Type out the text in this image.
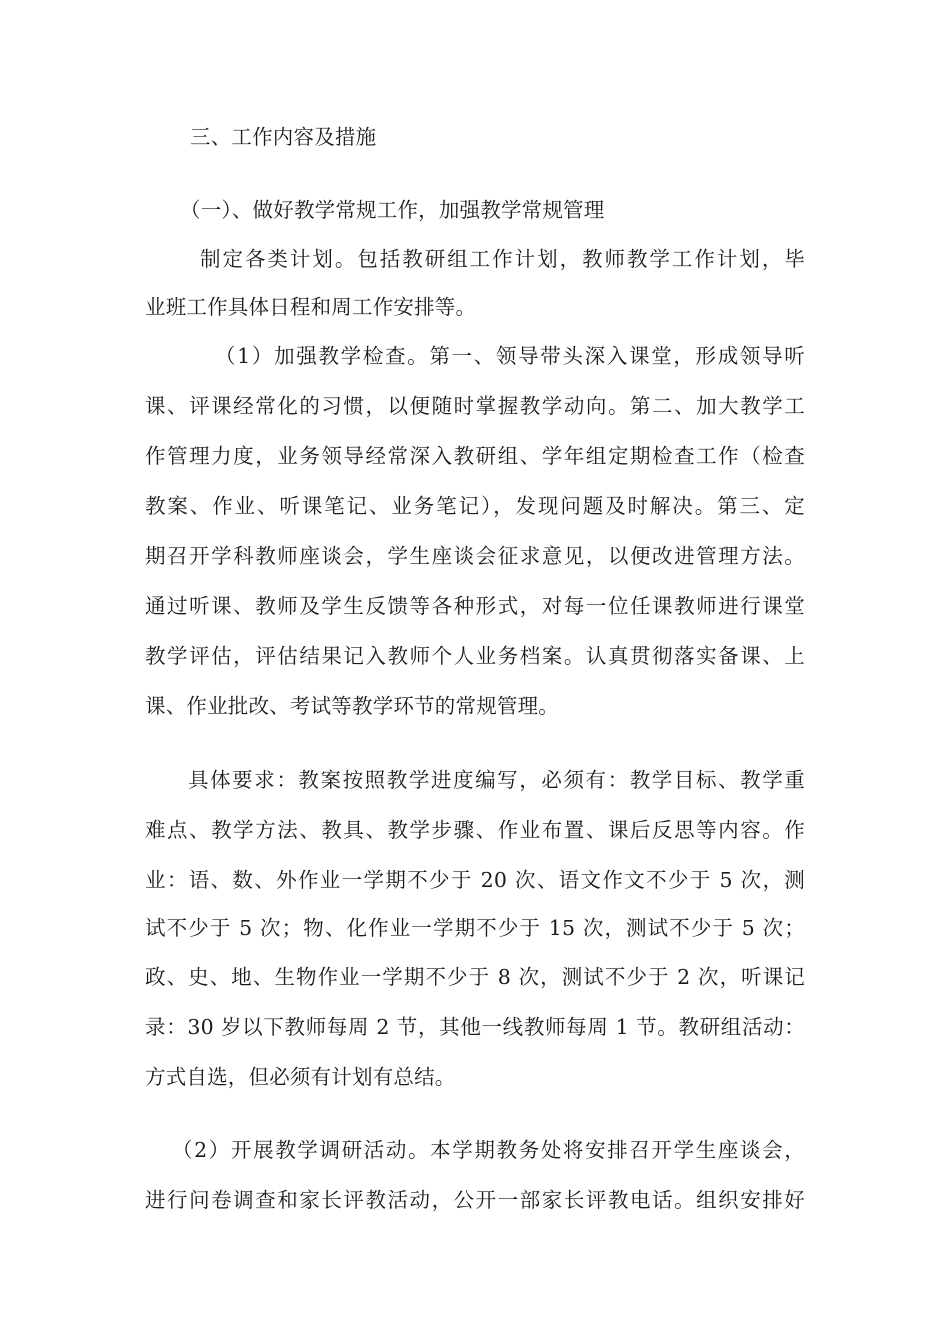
三、工作内容及措施
（一）、做好教学常规工作，加强教学常规管理
制定各类计划。包括教研组工作计划，教师教学工作计划，毕
业班工作具体日程和周工作安排等。
（1）加强教学检查。第一、领导带头深入课堂，形成领导听
课、评课经常化的习惯，以便随时掌握教学动向。第二、加大教学工
作管理力度，业务领导经常深入教研组、学年组定期检查工作（检查
教案、作业、听课笔记、业务笔记），发现问题及时解决。第三、定
期召开学科教师座谈会，学生座谈会征求意见，以便改进管理方法。
通过听课、教师及学生反馈等各种形式，对每一位任课教师进行课堂
教学评估，评估结果记入教师个人业务档案。认真贯彻落实备课、上
课、作业批改、考试等教学环节的常规管理。
具体要求：教案按照教学进度编写，必须有：教学目标、教学重
难点、教学方法、教具、教学步骤、作业布置、课后反思等内容。作
业：语、数、外作业一学期不少于 20 次、语文作文不少于 5 次，测
试不少于 5 次；物、化作业一学期不少于 15 次，测试不少于 5 次；
政、史、地、生物作业一学期不少于 8 次，测试不少于 2 次，听课记
录：30 岁以下教师每周 2 节，其他一线教师每周 1 节。教研组活动：
方式自选，但必须有计划有总结。
（2）开展教学调研活动。本学期教务处将安排召开学生座谈会，
进行问卷调查和家长评教活动，公开一部家长评教电话。组织安排好
